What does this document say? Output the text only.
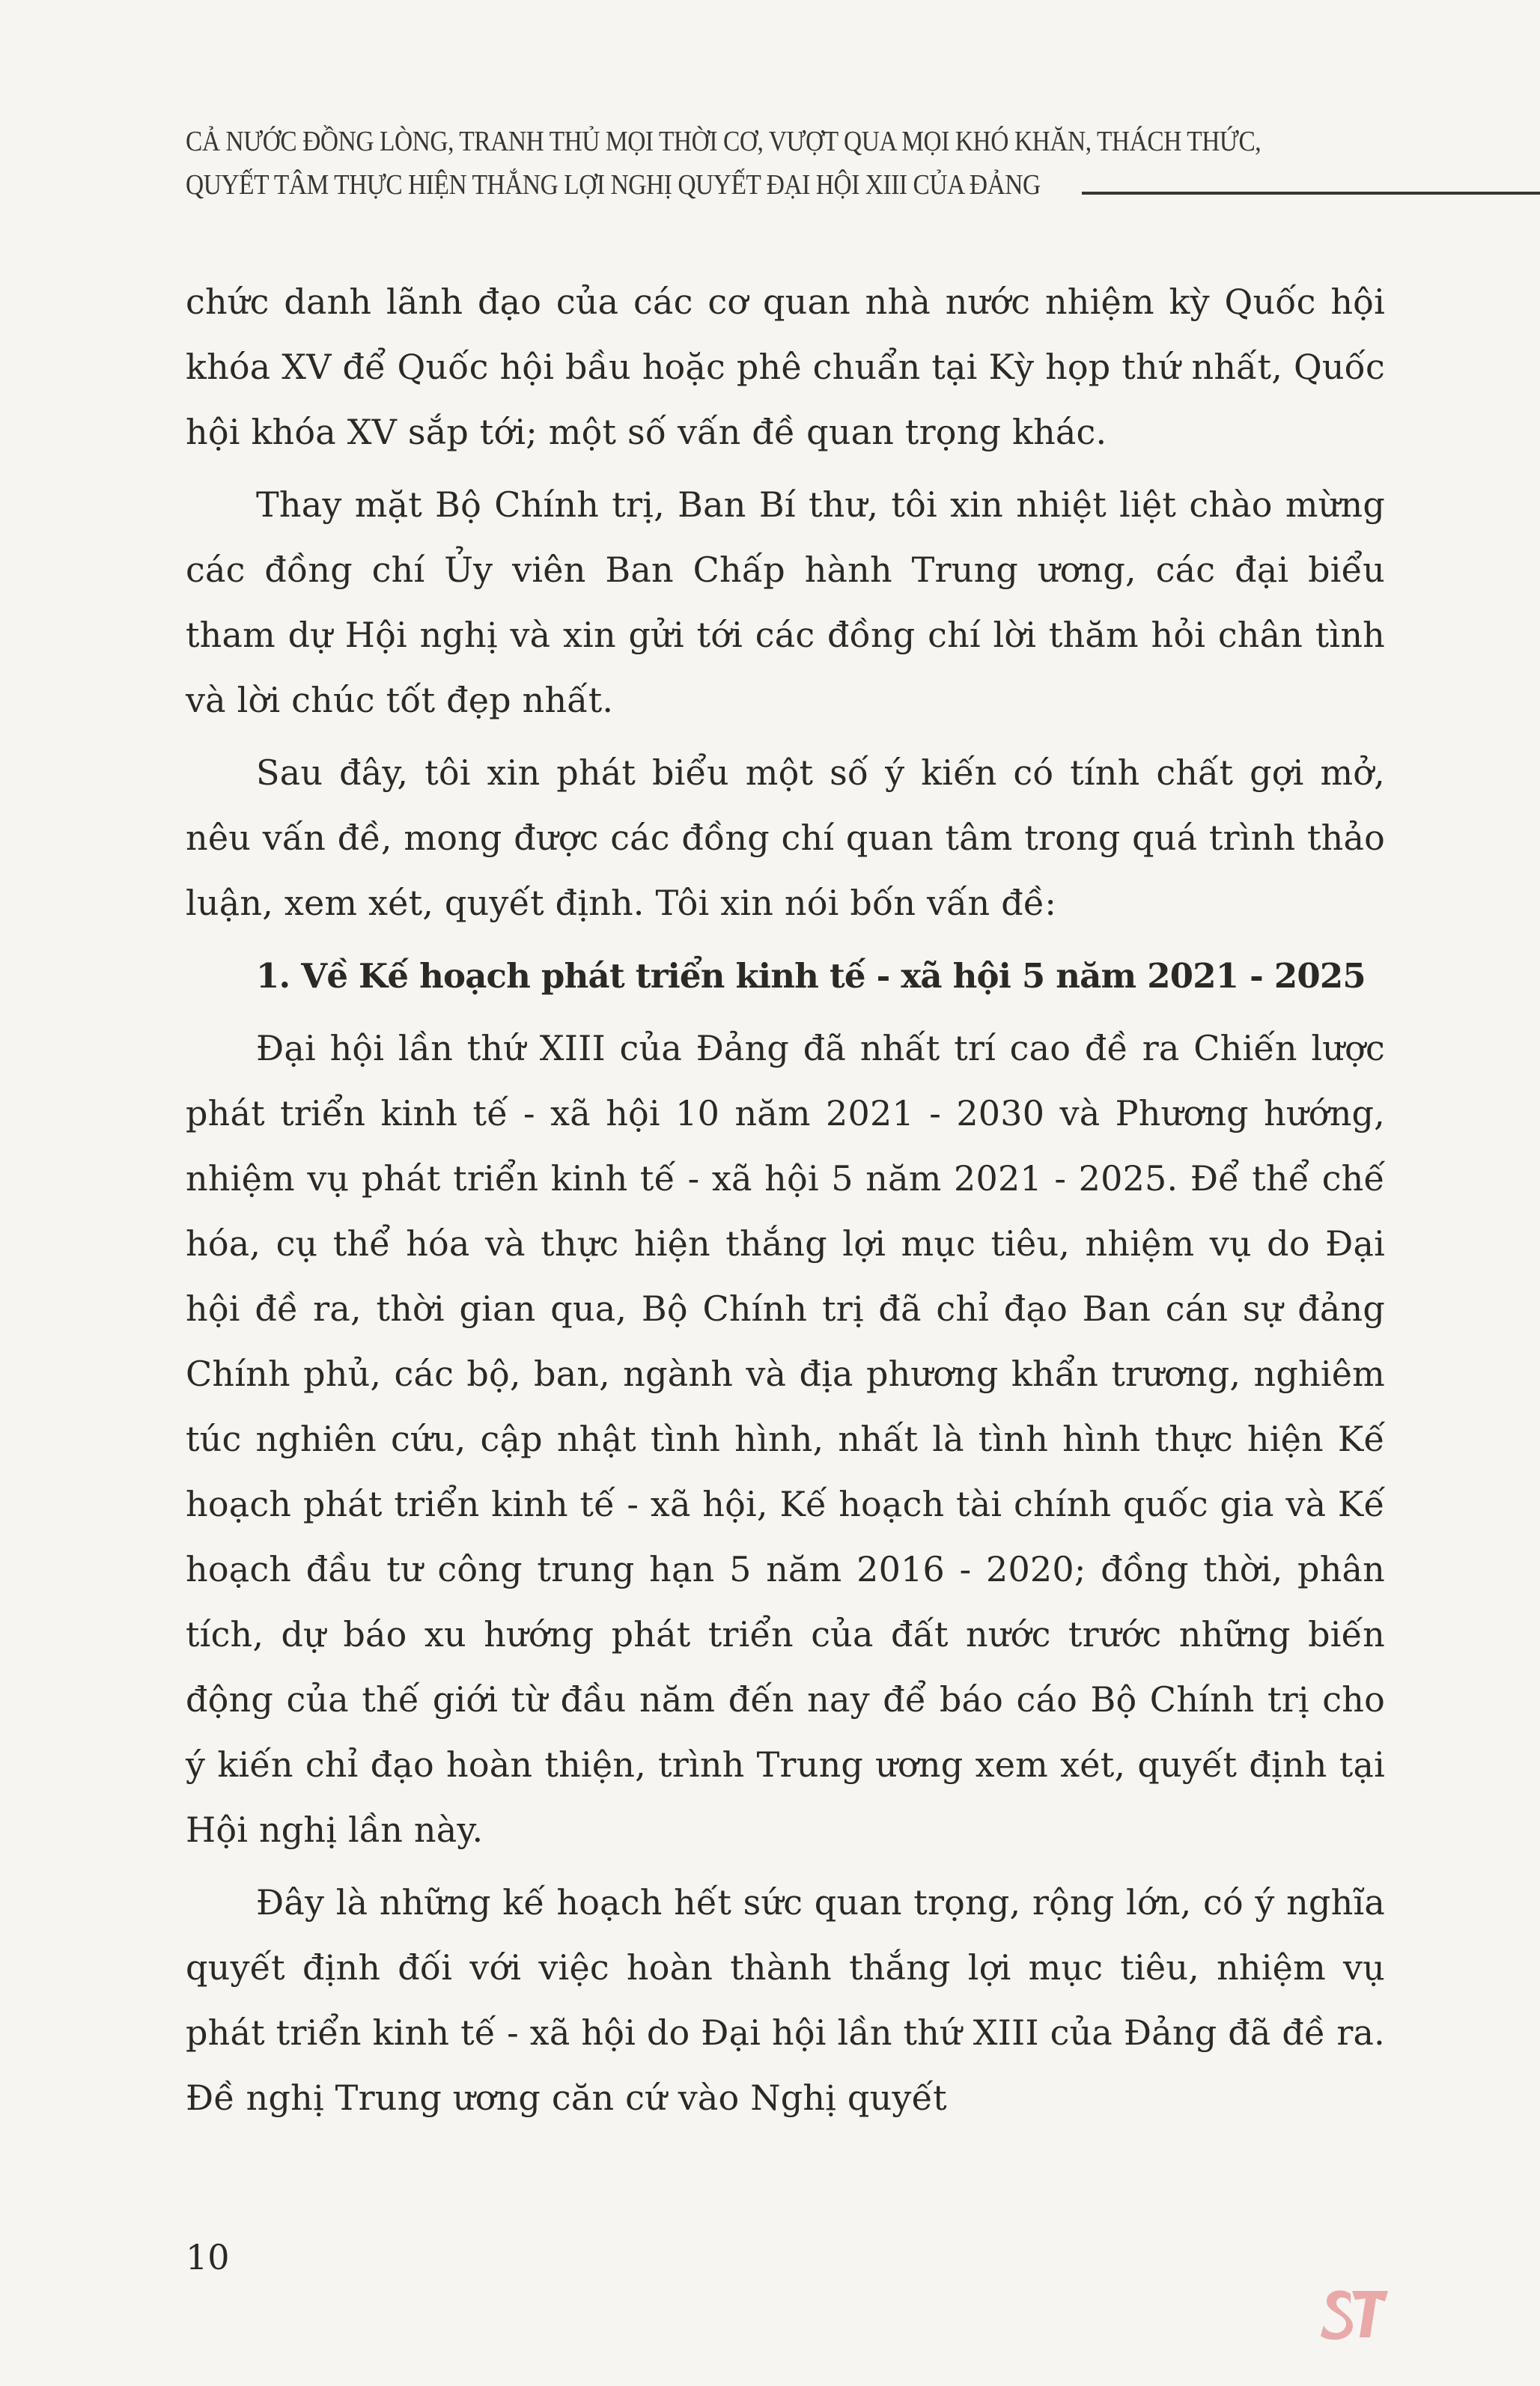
CẢ NƯỚC ĐỒNG LÒNG, TRANH THỦ MỌI THỜI CƠ, VƯỢT QUA MỌI KHÓ KHĂN, THÁCH THỨC,
QUYẾT TÂM THỰC HIỆN THẮNG LỢI NGHỊ QUYẾT ĐẠI HỘI XIII CỦA ĐẢNG

chức danh lãnh đạo của các cơ quan nhà nước nhiệm kỳ Quốc hội khóa XV để Quốc hội bầu hoặc phê chuẩn tại Kỳ họp thứ nhất, Quốc hội khóa XV sắp tới; một số vấn đề quan trọng khác.

Thay mặt Bộ Chính trị, Ban Bí thư, tôi xin nhiệt liệt chào mừng các đồng chí Ủy viên Ban Chấp hành Trung ương, các đại biểu tham dự Hội nghị và xin gửi tới các đồng chí lời thăm hỏi chân tình và lời chúc tốt đẹp nhất.

Sau đây, tôi xin phát biểu một số ý kiến có tính chất gợi mở, nêu vấn đề, mong được các đồng chí quan tâm trong quá trình thảo luận, xem xét, quyết định. Tôi xin nói bốn vấn đề:

1. Về Kế hoạch phát triển kinh tế - xã hội 5 năm 2021 - 2025

Đại hội lần thứ XIII của Đảng đã nhất trí cao đề ra Chiến lược phát triển kinh tế - xã hội 10 năm 2021 - 2030 và Phương hướng, nhiệm vụ phát triển kinh tế - xã hội 5 năm 2021 - 2025. Để thể chế hóa, cụ thể hóa và thực hiện thắng lợi mục tiêu, nhiệm vụ do Đại hội đề ra, thời gian qua, Bộ Chính trị đã chỉ đạo Ban cán sự đảng Chính phủ, các bộ, ban, ngành và địa phương khẩn trương, nghiêm túc nghiên cứu, cập nhật tình hình, nhất là tình hình thực hiện Kế hoạch phát triển kinh tế - xã hội, Kế hoạch tài chính quốc gia và Kế hoạch đầu tư công trung hạn 5 năm 2016 - 2020; đồng thời, phân tích, dự báo xu hướng phát triển của đất nước trước những biến động của thế giới từ đầu năm đến nay để báo cáo Bộ Chính trị cho ý kiến chỉ đạo hoàn thiện, trình Trung ương xem xét, quyết định tại Hội nghị lần này.

Đây là những kế hoạch hết sức quan trọng, rộng lớn, có ý nghĩa quyết định đối với việc hoàn thành thắng lợi mục tiêu, nhiệm vụ phát triển kinh tế - xã hội do Đại hội lần thứ XIII của Đảng đã đề ra. Đề nghị Trung ương căn cứ vào Nghị quyết

10
